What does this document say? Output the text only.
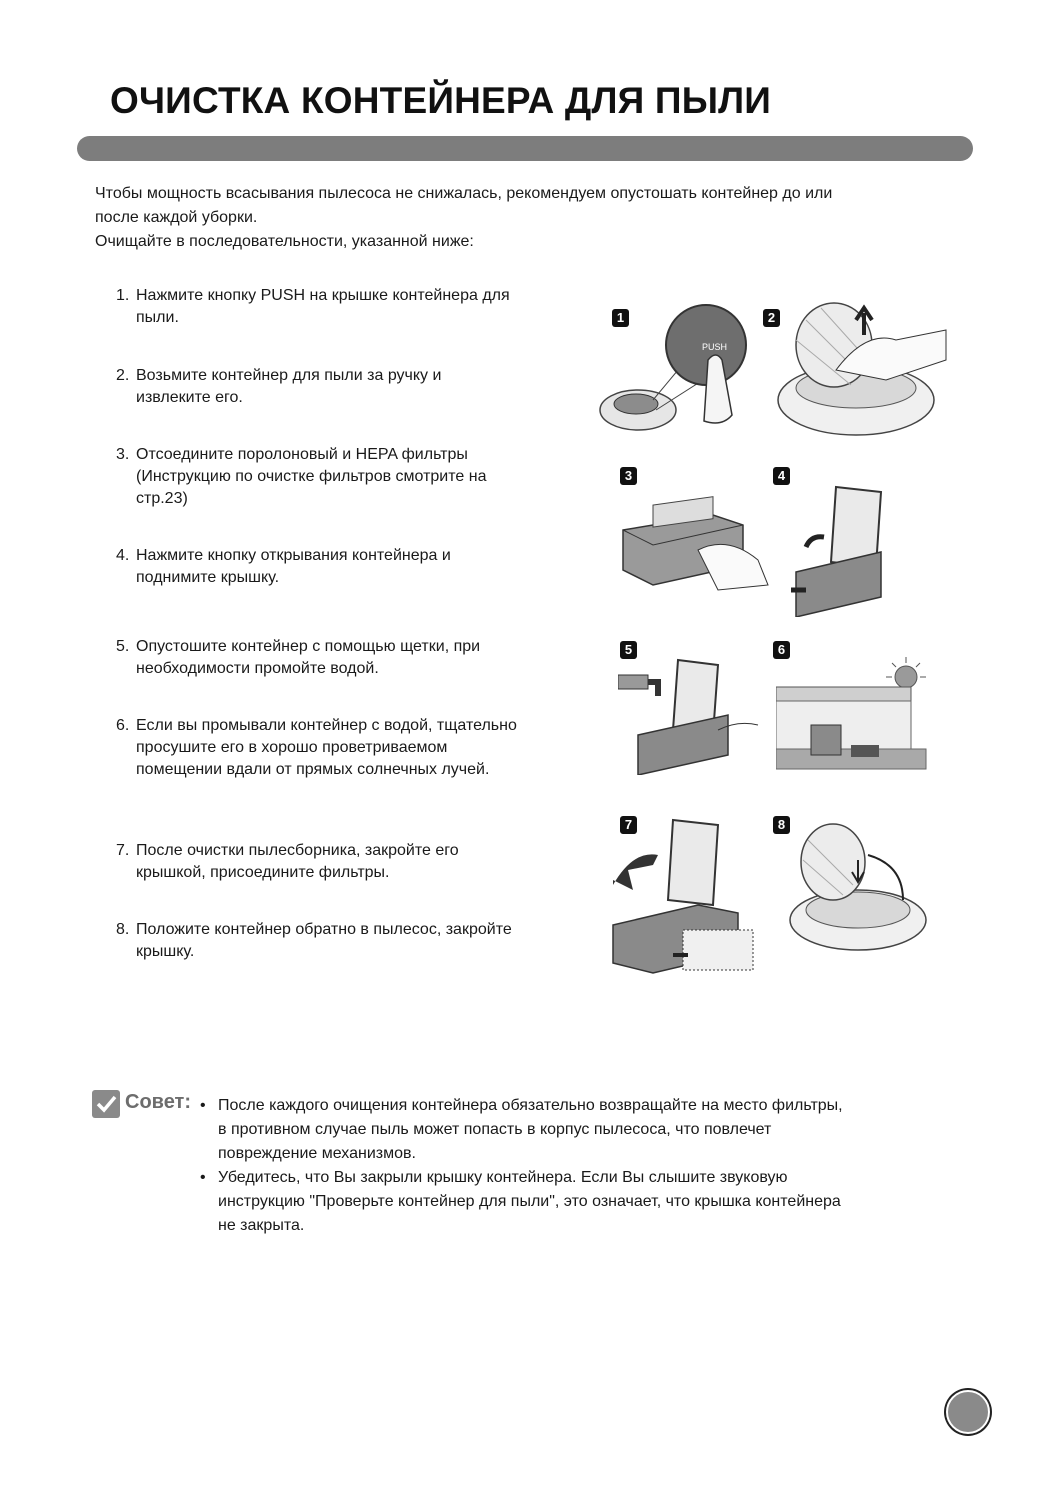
ОЧИСТКА КОНТЕЙНЕРА ДЛЯ ПЫЛИ

Чтобы мощность всасывания пылесоса не снижалась, рекомендуем опустошать контейнер до или
после каждой уборки.
Очищайте в последовательности, указанной ниже:

1. Нажмите кнопку PUSH на крышке контейнера для
пыли.
2. Возьмите контейнер для пыли за ручку и
извлеките его.
3. Отсоедините поролоновый и HEPA фильтры
(Инструкцию по очистке фильтров смотрите на
стр.23)
4. Нажмите кнопку открывания контейнера и
поднимите крышку.
5. Опустошите контейнер с помощью щетки, при
необходимости промойте водой.
6. Если вы промывали контейнер с водой, тщательно
просушите его в хорошо проветриваемом
помещении вдали от прямых солнечных лучей.
7. После очистки пылесборника, закройте его
крышкой, присоедините фильтры.
8. Положите контейнер обратно в пылесос, закройте
крышку.
1
PUSH
2
3	4
5	6
7	8
Совет:	• После каждого очищения контейнера обязательно возвращайте на место фильтры,
в противном случае пыль может попасть в корпус пылесоса, что повлечет
повреждение механизмов.
• Убедитесь, что Вы закрыли крышку контейнера. Если Вы слышите звуковую
инструкцию "Проверьте контейнер для пыли", это означает, что крышка контейнера
не закрыта.
